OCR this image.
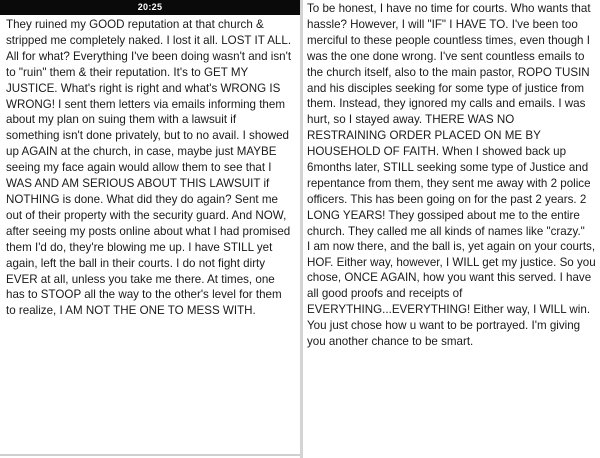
20:25
They ruined my GOOD reputation at that church & stripped me completely naked. I lost it all. LOST IT ALL. All for what? Everything I've been doing wasn't and isn't to "ruin" them & their reputation. It's to GET MY JUSTICE. What's right is right and what's WRONG IS WRONG! I sent them letters via emails informing them about my plan on suing them with a lawsuit if something isn't done privately, but to no avail. I showed up AGAIN at the church, in case, maybe just MAYBE seeing my face again would allow them to see that I WAS AND AM SERIOUS ABOUT THIS LAWSUIT if NOTHING is done. What did they do again? Sent me out of their property with the security guard. And NOW, after seeing my posts online about what I had promised them I'd do, they're blowing me up. I have STILL yet again, left the ball in their courts. I do not fight dirty EVER at all, unless you take me there. At times, one has to STOOP all the way to the other's level for them to realize, I AM NOT THE ONE TO MESS WITH.
To be honest, I have no time for courts. Who wants that hassle? However, I will "IF" I HAVE TO. I've been too merciful to these people countless times, even though I was the one done wrong. I've sent countless emails to the church itself, also to the main pastor, ROPO TUSIN and his disciples seeking for some type of justice from them. Instead, they ignored my calls and emails. I was hurt, so I stayed away. THERE WAS NO RESTRAINING ORDER PLACED ON ME BY HOUSEHOLD OF FAITH. When I showed back up 6months later, STILL seeking some type of Justice and repentance from them, they sent me away with 2 police officers. This has been going on for the past 2 years. 2 LONG YEARS! They gossiped about me to the entire church. They called me all kinds of names like "crazy."
I am now there, and the ball is, yet again on your courts, HOF. Either way, however, I WILL get my justice. So you chose, ONCE AGAIN, how you want this served. I have all good proofs and receipts of EVERYTHING...EVERYTHING! Either way, I WILL win. You just chose how u want to be portrayed. I'm giving you another chance to be smart.
